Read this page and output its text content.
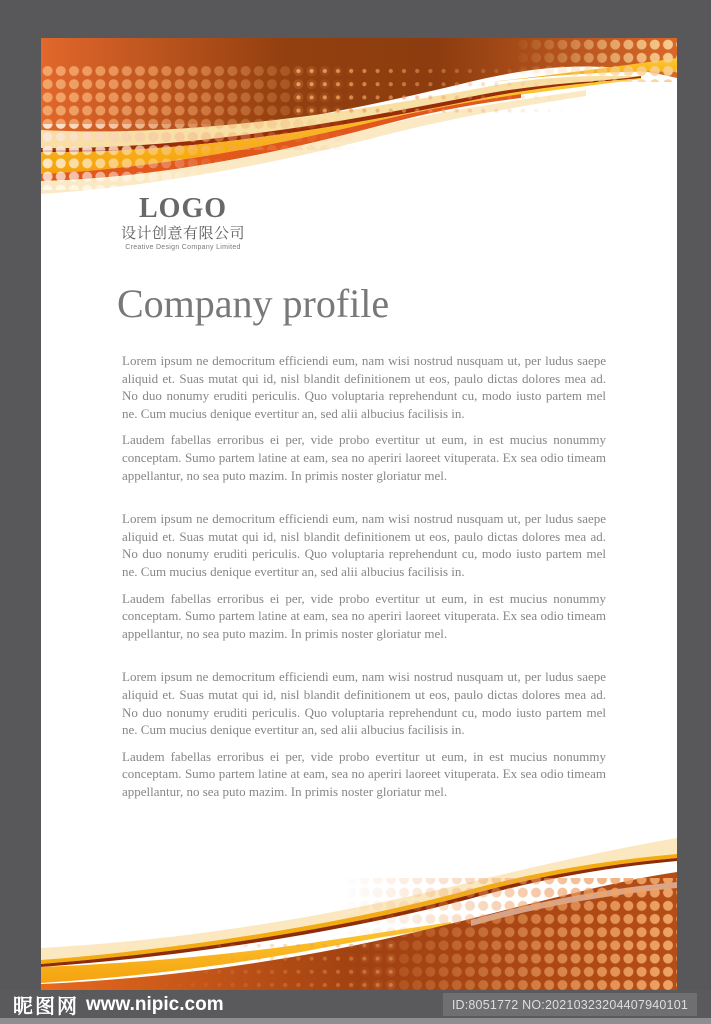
LOGO
设计创意有限公司
Creative Design Company Limited
Company profile

Lorem ipsum ne democritum efficiendi eum, nam wisi nostrud nusquam ut, per ludus saepe aliquid et. Suas mutat qui id, nisl blandit definitionem ut eos, paulo dictas dolores mea ad. No duo nonumy eruditi periculis. Quo voluptaria reprehendunt cu, modo iusto partem mel ne. Cum mucius denique evertitur an, sed alii albucius facilisis in.

Laudem fabellas erroribus ei per, vide probo evertitur ut eum, in est mucius nonummy conceptam. Sumo partem latine at eam, sea no aperiri laoreet vituperata. Ex sea odio timeam appellantur, no sea puto mazim. In primis noster gloriatur mel.

Lorem ipsum ne democritum efficiendi eum, nam wisi nostrud nusquam ut, per ludus saepe aliquid et. Suas mutat qui id, nisl blandit definitionem ut eos, paulo dictas dolores mea ad. No duo nonumy eruditi periculis. Quo voluptaria reprehendunt cu, modo iusto partem mel ne. Cum mucius denique evertitur an, sed alii albucius facilisis in.

Laudem fabellas erroribus ei per, vide probo evertitur ut eum, in est mucius nonummy conceptam. Sumo partem latine at eam, sea no aperiri laoreet vituperata. Ex sea odio timeam appellantur, no sea puto mazim. In primis noster gloriatur mel.

Lorem ipsum ne democritum efficiendi eum, nam wisi nostrud nusquam ut, per ludus saepe aliquid et. Suas mutat qui id, nisl blandit definitionem ut eos, paulo dictas dolores mea ad. No duo nonumy eruditi periculis. Quo voluptaria reprehendunt cu, modo iusto partem mel ne. Cum mucius denique evertitur an, sed alii albucius facilisis in.

Laudem fabellas erroribus ei per, vide probo evertitur ut eum, in est mucius nonummy conceptam. Sumo partem latine at eam, sea no aperiri laoreet vituperata. Ex sea odio timeam appellantur, no sea puto mazim. In primis noster gloriatur mel.

昵图网 www.nipic.com	ID:8051772 NO:20210323204407940101
